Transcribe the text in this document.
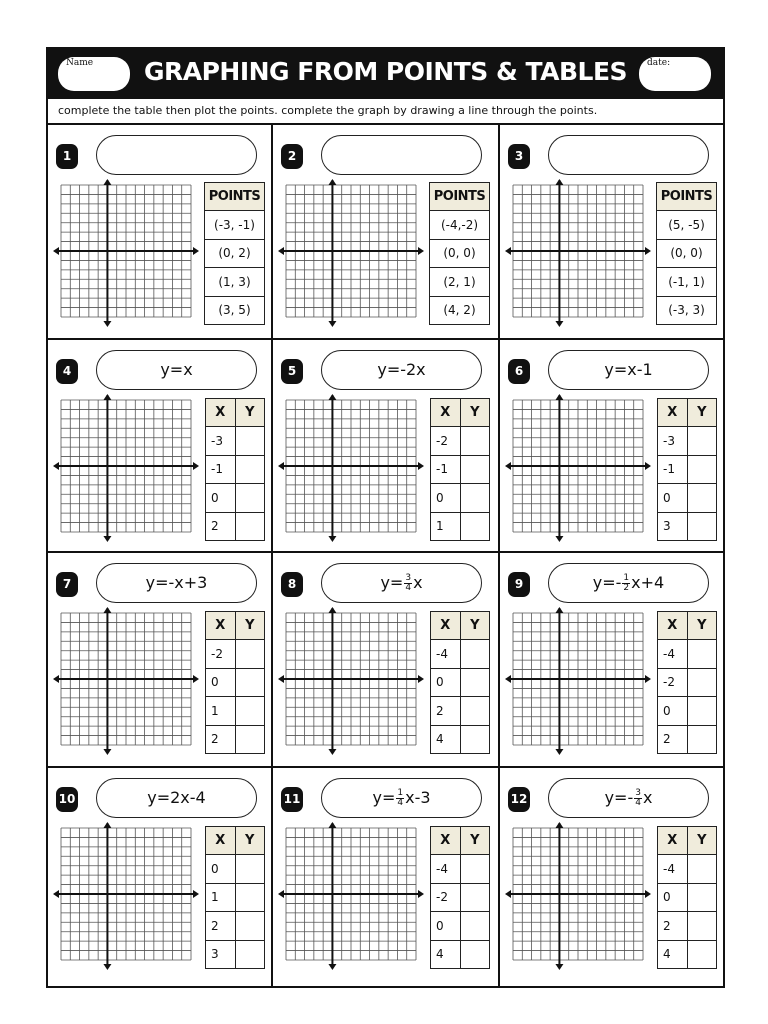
Name	GRAPHING FROM POINTS & TABLES	date:
complete the table then plot the points. complete the graph by drawing a line through the points.
1
POINTS
(-3, -1)
(0, 2)
(1, 3)
(3, 5)
2
POINTS
(-4,-2)
(0, 0)
(2, 1)
(4, 2)
3
POINTS
(5, -5)
(0, 0)
(-1, 1)
(-3, 3)
4	y=x
X	Y
-3	
-1	
0	
2	
5	y=-2x
X	Y
-2	
-1	
0	
1	
6	y=x-1
X	Y
-3	
-1	
0	
3	
7	y=-x+3
X	Y
-2	
0	
1	
2	
8	$y= \frac{3}{4}$ x
X	Y
-4	
0	
2	
4	
9	$y=- \frac{1}{2} x+4$
X	Y
-4	
-2	
0	
2	
10	y=2x-4
X	Y
0	
1	
2	
3	
11	$y= \frac{1}{4} x-3$
X	Y
-4	
-2	
0	
4	
12	$y=- \frac{3}{4}$ x
X	Y
-4	
0	
2	
4	
